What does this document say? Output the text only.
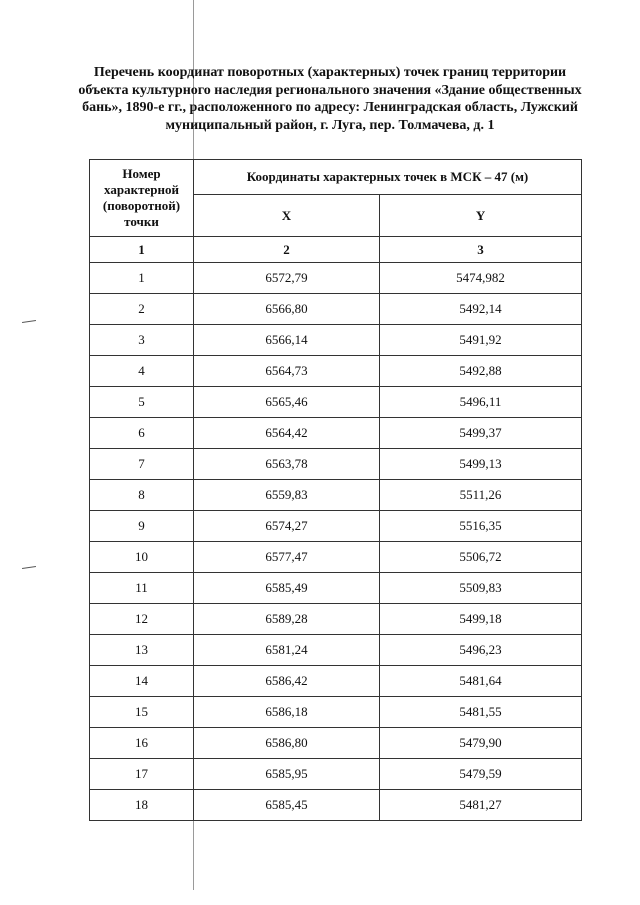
Перечень координат поворотных (характерных) точек границ территории объекта культурного наследия регионального значения «Здание общественных бань», 1890-е гг., расположенного по адресу: Ленинградская область, Лужский муниципальный район, г. Луга, пер. Толмачева, д. 1
Номер характерной (поворотной) точки	Координаты характерных точек в МСК – 47 (м)	
	X	Y
1	2	3
1	6572,79	5474,982
2	6566,80	5492,14
3	6566,14	5491,92
4	6564,73	5492,88
5	6565,46	5496,11
6	6564,42	5499,37
7	6563,78	5499,13
8	6559,83	5511,26
9	6574,27	5516,35
10	6577,47	5506,72
11	6585,49	5509,83
12	6589,28	5499,18
13	6581,24	5496,23
14	6586,42	5481,64
15	6586,18	5481,55
16	6586,80	5479,90
17	6585,95	5479,59
18	6585,45	5481,27
